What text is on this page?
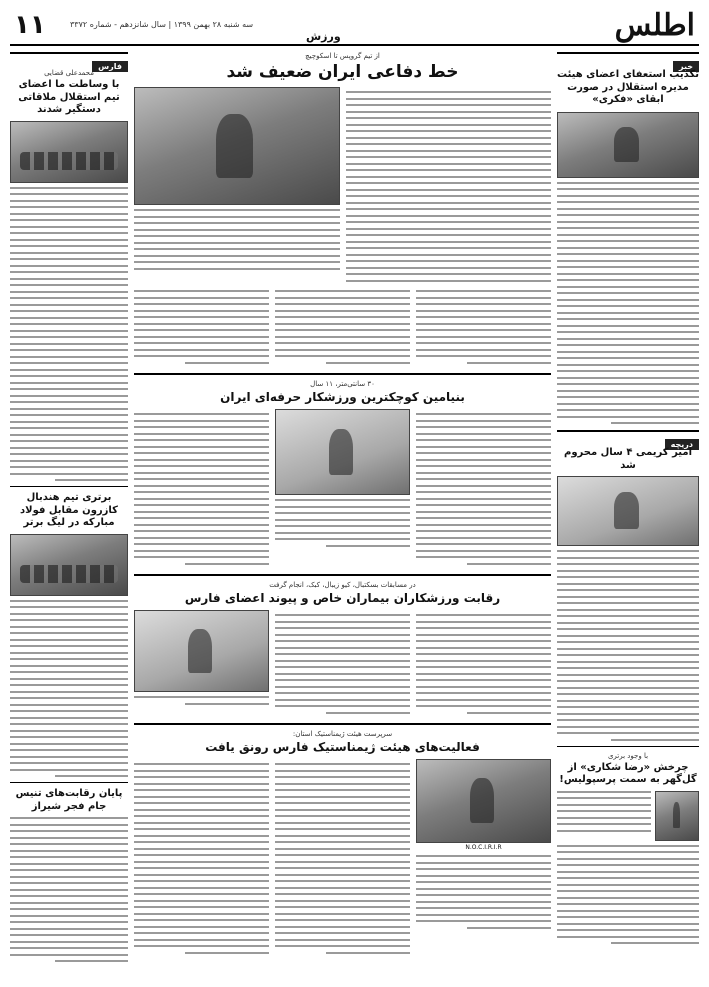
اطلس
سه شنبه ۲۸ بهمن ۱۳۹۹ | سال شانزدهم - شماره ۳۳۷۲
۱۱	ورزش
خبر
تکذیب استعفای اعضای هیئت مدیره استقلال در صورت ابقای «فکری»
دریچه
امیر کریمی ۴ سال محروم شد
با وجود برتری
چرخش «رضا شکاری» از گل‌گهر به سمت پرسپولیس!
فارس
محمدعلی قضایی
با وساطت ما اعضای تیم استقلال ملاقاتی دستگیر شدند
برتری تیم هندبال کازرون مقابل فولاد مبارکه در لیگ برتر
پایان رقابت‌های تنیس جام فجر شیراز
از تیم گروپس تا اسکوچیچ
خط دفاعی ایران ضعیف شد
۳۰ سانتی‌متر، ۱۱ سال
بنیامین کوچکترین ورزشکار حرفه‌ای ایران
در مسابقات بسکتبال، کیو زیبال، کبک، انجام گرفت
رقابت ورزشکاران بیماران خاص و پیوند اعضای فارس
سرپرست هیئت ژیمناستیک استان:
فعالیت‌های هیئت ژیمناستیک فارس رونق یافت
N.O.C.I.R.I.R
